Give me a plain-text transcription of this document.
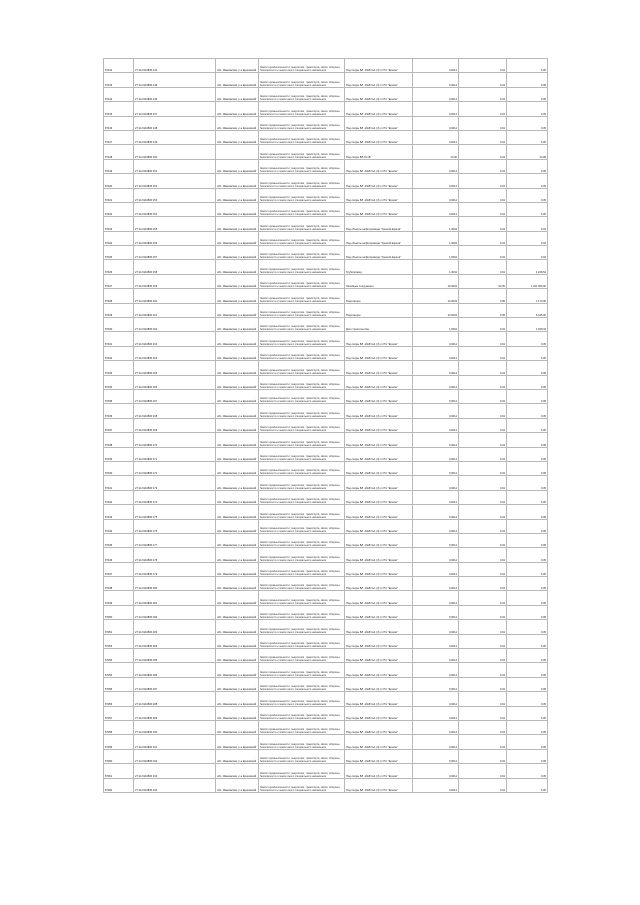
87012	27:14:0110806:144	обл. Ивановская, р-н Ершовский	Земли промышленности, энергетики, транспорта, связи, обороны, безопасности и земли иного специального назначения	Под опоры ВЛ -10кВ №1 (3) от ПС "Ершов"	0,0014	0,04	0,05
87013	27:14:0110806:145	обл. Ивановская, р-н Ершовский	Земли промышленности, энергетики, транспорта, связи, обороны, безопасности и земли иного специального назначения	Под опоры ВЛ -10кВ №1 (3) от ПС "Ершов"	0,0014	0,04	0,05
87014	27:14:0110806:146	обл. Ивановская, р-н Ершовский	Земли промышленности, энергетики, транспорта, связи, обороны, безопасности и земли иного специального назначения	Под опоры ВЛ -10кВ №1 (3) от ПС "Ершов"	0,0014	0,04	0,05
87015	27:14:0110806:147	обл. Ивановская, р-н Ершовский	Земли промышленности, энергетики, транспорта, связи, обороны, безопасности и земли иного специального назначения	Под опоры ВЛ -10кВ №1 (3) от ПС "Ершов"	0,0014	0,04	0,05
87016	27:14:0110806:148	обл. Ивановская, р-н Ершовский	Земли промышленности, энергетики, транспорта, связи, обороны, безопасности и земли иного специального назначения	Под опоры ВЛ -10кВ №1 (3) от ПС "Ершов"	0,0014	0,04	0,05
87017	27:14:0110806:149	обл. Ивановская, р-н Ершовский	Земли промышленности, энергетики, транспорта, связи, обороны, безопасности и земли иного специального назначения	Под опоры ВЛ -10кВ №1 (3) от ПС "Ершов"	0,0014	0,04	0,05
87018	27:14:0110806:150		Земли промышленности, энергетики, транспорта, связи, обороны, безопасности и земли иного специального назначения	Под опоры ВЛ-10 кВ	10,30	0,04	10,05
87019	27:14:0110806:151	обл. Ивановская, р-н Ершовский	Земли промышленности, энергетики, транспорта, связи, обороны, безопасности и земли иного специального назначения	Под опоры ВЛ -10кВ №1 (3) от ПС "Ершов"	0,0014	0,04	0,05
87020	27:14:0110806:152	обл. Ивановская, р-н Ершовский	Земли промышленности, энергетики, транспорта, связи, обороны, безопасности и земли иного специального назначения	Под опоры ВЛ -10кВ №1 (3) от ПС "Ершов"	0,0014	0,04	0,05
87021	27:14:0110806:153	обл. Ивановская, р-н Ершовский	Земли промышленности, энергетики, транспорта, связи, обороны, безопасности и земли иного специального назначения	Под опоры ВЛ -10кВ №1 (3) от ПС "Ершов"	0,0014	0,04	0,05
87022	27:14:0110806:154	обл. Ивановская, р-н Ершовский	Земли промышленности, энергетики, транспорта, связи, обороны, безопасности и земли иного специального назначения	Под опоры ВЛ -10кВ №1 (3) от ПС "Ершов"	0,0014	0,04	0,05
87023	27:14:0110806:155	обл. Ивановская, р-н Ершовский	Земли промышленности, энергетики, транспорта, связи, обороны, безопасности и земли иного специального назначения	Под объекты нефтепровода "Уренгой-Ершов"	1,0004	0,04	0,04
87024	27:14:0110806:156	обл. Ивановская, р-н Ершовский	Земли промышленности, энергетики, транспорта, связи, обороны, безопасности и земли иного специального назначения	Под объекты нефтепровода "Уренгой-Ершов"	1,0004	0,04	0,04
87025	27:14:0110806:157	обл. Ивановская, р-н Ершовский	Земли промышленности, энергетики, транспорта, связи, обороны, безопасности и земли иного специального назначения	Под объекты нефтепровода "Уренгой-Ершов"	1,0004	0,04	0,04
87026	27:14:0110806:158	обл. Ивановская, р-н Ершовский	Земли промышленности, энергетики, транспорта, связи, обороны, безопасности и земли иного специального назначения	Трубопровод	1,0004	0,04	3 248,54
87027	27:14:0110806:159	обл. Ивановская, р-н Ершовский	Земли промышленности, энергетики, транспорта, связи, обороны, безопасности и земли иного специального назначения	Линейные сооружения	10,0004	62,05	1 041 380,00
87028	27:14:0110806:160	обл. Ивановская, р-н Ершовский	Земли промышленности, энергетики, транспорта, связи, обороны, безопасности и земли иного специального назначения	Подстанция	10,0004	0,05	1 170,00
87029	27:14:0110806:161	обл. Ивановская, р-н Ершовский	Земли промышленности, энергетики, транспорта, связи, обороны, безопасности и земли иного специального назначения	Подстанция	10,0004	0,05	6 435,00
87030	27:14:0110806:162	обл. Ивановская, р-н Ершовский	Земли промышленности, энергетики, транспорта, связи, обороны, безопасности и земли иного специального назначения	Для строительства	1,0004	0,04	1 948,34
87031	27:14:0110806:163	обл. Ивановская, р-н Ершовский	Земли промышленности, энергетики, транспорта, связи, обороны, безопасности и земли иного специального назначения	Под опоры ВЛ -10кВ №1 (3) от ПС "Ершов"	0,0014	0,04	0,05
87032	27:14:0110806:164	обл. Ивановская, р-н Ершовский	Земли промышленности, энергетики, транспорта, связи, обороны, безопасности и земли иного специального назначения	Под опоры ВЛ -10кВ №1 (3) от ПС "Ершов"	0,0014	0,04	0,05
87033	27:14:0110806:165	обл. Ивановская, р-н Ершовский	Земли промышленности, энергетики, транспорта, связи, обороны, безопасности и земли иного специального назначения	Под опоры ВЛ -10кВ №1 (3) от ПС "Ершов"	0,0014	0,04	0,05
87034	27:14:0110806:166	обл. Ивановская, р-н Ершовский	Земли промышленности, энергетики, транспорта, связи, обороны, безопасности и земли иного специального назначения	Под опоры ВЛ -10кВ №1 (3) от ПС "Ершов"	0,0014	0,04	0,05
87035	27:14:0110806:167	обл. Ивановская, р-н Ершовский	Земли промышленности, энергетики, транспорта, связи, обороны, безопасности и земли иного специального назначения	Под опоры ВЛ -10кВ №1 (3) от ПС "Ершов"	0,0014	0,04	0,05
87036	27:14:0110806:168	обл. Ивановская, р-н Ершовский	Земли промышленности, энергетики, транспорта, связи, обороны, безопасности и земли иного специального назначения	Под опоры ВЛ -10кВ №1 (3) от ПС "Ершов"	0,0014	0,04	0,05
87037	27:14:0110806:169	обл. Ивановская, р-н Ершовский	Земли промышленности, энергетики, транспорта, связи, обороны, безопасности и земли иного специального назначения	Под опоры ВЛ -10кВ №1 (3) от ПС "Ершов"	0,0014	0,04	0,05
87038	27:14:0110806:170	обл. Ивановская, р-н Ершовский	Земли промышленности, энергетики, транспорта, связи, обороны, безопасности и земли иного специального назначения	Под опоры ВЛ -10кВ №1 (3) от ПС "Ершов"	0,0014	0,04	0,05
87039	27:14:0110806:171	обл. Ивановская, р-н Ершовский	Земли промышленности, энергетики, транспорта, связи, обороны, безопасности и земли иного специального назначения	Под опоры ВЛ -10кВ №1 (3) от ПС "Ершов"	0,0014	0,04	0,05
87040	27:14:0110806:172	обл. Ивановская, р-н Ершовский	Земли промышленности, энергетики, транспорта, связи, обороны, безопасности и земли иного специального назначения	Под опоры ВЛ -10кВ №1 (3) от ПС "Ершов"	0,0014	0,04	0,05
87041	27:14:0110806:173	обл. Ивановская, р-н Ершовский	Земли промышленности, энергетики, транспорта, связи, обороны, безопасности и земли иного специального назначения	Под опоры ВЛ -10кВ №1 (3) от ПС "Ершов"	0,0014	0,04	0,05
87042	27:14:0110806:174	обл. Ивановская, р-н Ершовский	Земли промышленности, энергетики, транспорта, связи, обороны, безопасности и земли иного специального назначения	Под опоры ВЛ -10кВ №1 (3) от ПС "Ершов"	0,0014	0,04	0,05
87043	27:14:0110806:175	обл. Ивановская, р-н Ершовский	Земли промышленности, энергетики, транспорта, связи, обороны, безопасности и земли иного специального назначения	Под опоры ВЛ -10кВ №1 (3) от ПС "Ершов"	0,0014	0,04	0,05
87044	27:14:0110806:176	обл. Ивановская, р-н Ершовский	Земли промышленности, энергетики, транспорта, связи, обороны, безопасности и земли иного специального назначения	Под опоры ВЛ -10кВ №1 (3) от ПС "Ершов"	0,0014	0,04	0,05
87045	27:14:0110806:177	обл. Ивановская, р-н Ершовский	Земли промышленности, энергетики, транспорта, связи, обороны, безопасности и земли иного специального назначения	Под опоры ВЛ -10кВ №1 (3) от ПС "Ершов"	0,0014	0,04	0,05
87046	27:14:0110806:178	обл. Ивановская, р-н Ершовский	Земли промышленности, энергетики, транспорта, связи, обороны, безопасности и земли иного специального назначения	Под опоры ВЛ -10кВ №1 (3) от ПС "Ершов"	0,0014	0,04	0,05
87047	27:14:0110806:179	обл. Ивановская, р-н Ершовский	Земли промышленности, энергетики, транспорта, связи, обороны, безопасности и земли иного специального назначения	Под опоры ВЛ -10кВ №1 (3) от ПС "Ершов"	0,0014	0,04	0,05
87048	27:14:0110806:180	обл. Ивановская, р-н Ершовский	Земли промышленности, энергетики, транспорта, связи, обороны, безопасности и земли иного специального назначения	Под опоры ВЛ -10кВ №1 (3) от ПС "Ершов"	0,0014	0,04	0,05
87049	27:14:0110806:181	обл. Ивановская, р-н Ершовский	Земли промышленности, энергетики, транспорта, связи, обороны, безопасности и земли иного специального назначения	Под опоры ВЛ -10кВ №1 (3) от ПС "Ершов"	0,0014	0,04	0,05
87050	27:14:0110806:182	обл. Ивановская, р-н Ершовский	Земли промышленности, энергетики, транспорта, связи, обороны, безопасности и земли иного специального назначения	Под опоры ВЛ -10кВ №1 (3) от ПС "Ершов"	0,0014	0,04	0,05
87051	27:14:0110806:183	обл. Ивановская, р-н Ершовский	Земли промышленности, энергетики, транспорта, связи, обороны, безопасности и земли иного специального назначения	Под опоры ВЛ -10кВ №1 (3) от ПС "Ершов"	0,0014	0,04	0,05
87052	27:14:0110806:184	обл. Ивановская, р-н Ершовский	Земли промышленности, энергетики, транспорта, связи, обороны, безопасности и земли иного специального назначения	Под опоры ВЛ -10кВ №1 (3) от ПС "Ершов"	0,0014	0,04	0,05
87053	27:14:0110806:185	обл. Ивановская, р-н Ершовский	Земли промышленности, энергетики, транспорта, связи, обороны, безопасности и земли иного специального назначения	Под опоры ВЛ -10кВ №1 (3) от ПС "Ершов"	0,0014	0,04	0,05
87054	27:14:0110806:186	обл. Ивановская, р-н Ершовский	Земли промышленности, энергетики, транспорта, связи, обороны, безопасности и земли иного специального назначения	Под опоры ВЛ -10кВ №1 (3) от ПС "Ершов"	0,0014	0,04	0,05
87055	27:14:0110806:187	обл. Ивановская, р-н Ершовский	Земли промышленности, энергетики, транспорта, связи, обороны, безопасности и земли иного специального назначения	Под опоры ВЛ -10кВ №1 (3) от ПС "Ершов"	0,0014	0,04	0,05
87056	27:14:0110806:188	обл. Ивановская, р-н Ершовский	Земли промышленности, энергетики, транспорта, связи, обороны, безопасности и земли иного специального назначения	Под опоры ВЛ -10кВ №1 (3) от ПС "Ершов"	0,0014	0,04	0,05
87057	27:14:0110806:189	обл. Ивановская, р-н Ершовский	Земли промышленности, энергетики, транспорта, связи, обороны, безопасности и земли иного специального назначения	Под опоры ВЛ -10кВ №1 (3) от ПС "Ершов"	0,0014	0,04	0,05
87058	27:14:0110806:190	обл. Ивановская, р-н Ершовский	Земли промышленности, энергетики, транспорта, связи, обороны, безопасности и земли иного специального назначения	Под опоры ВЛ -10кВ №1 (3) от ПС "Ершов"	0,0014	0,04	0,05
87059	27:14:0110806:191	обл. Ивановская, р-н Ершовский	Земли промышленности, энергетики, транспорта, связи, обороны, безопасности и земли иного специального назначения	Под опоры ВЛ -10кВ №1 (3) от ПС "Ершов"	0,0014	0,04	0,05
87060	27:14:0110806:192	обл. Ивановская, р-н Ершовский	Земли промышленности, энергетики, транспорта, связи, обороны, безопасности и земли иного специального назначения	Под опоры ВЛ -10кВ №1 (3) от ПС "Ершов"	0,0014	0,04	0,05
87061	27:14:0110806:193	обл. Ивановская, р-н Ершовский	Земли промышленности, энергетики, транспорта, связи, обороны, безопасности и земли иного специального назначения	Под опоры ВЛ -10кВ №1 (3) от ПС "Ершов"	0,0014	0,04	0,05
87062	27:14:0110806:194	обл. Ивановская, р-н Ершовский	Земли промышленности, энергетики, транспорта, связи, обороны, безопасности и земли иного специального назначения	Под опоры ВЛ -10кВ №1 (3) от ПС "Ершов"	0,0014	0,04	0,05
